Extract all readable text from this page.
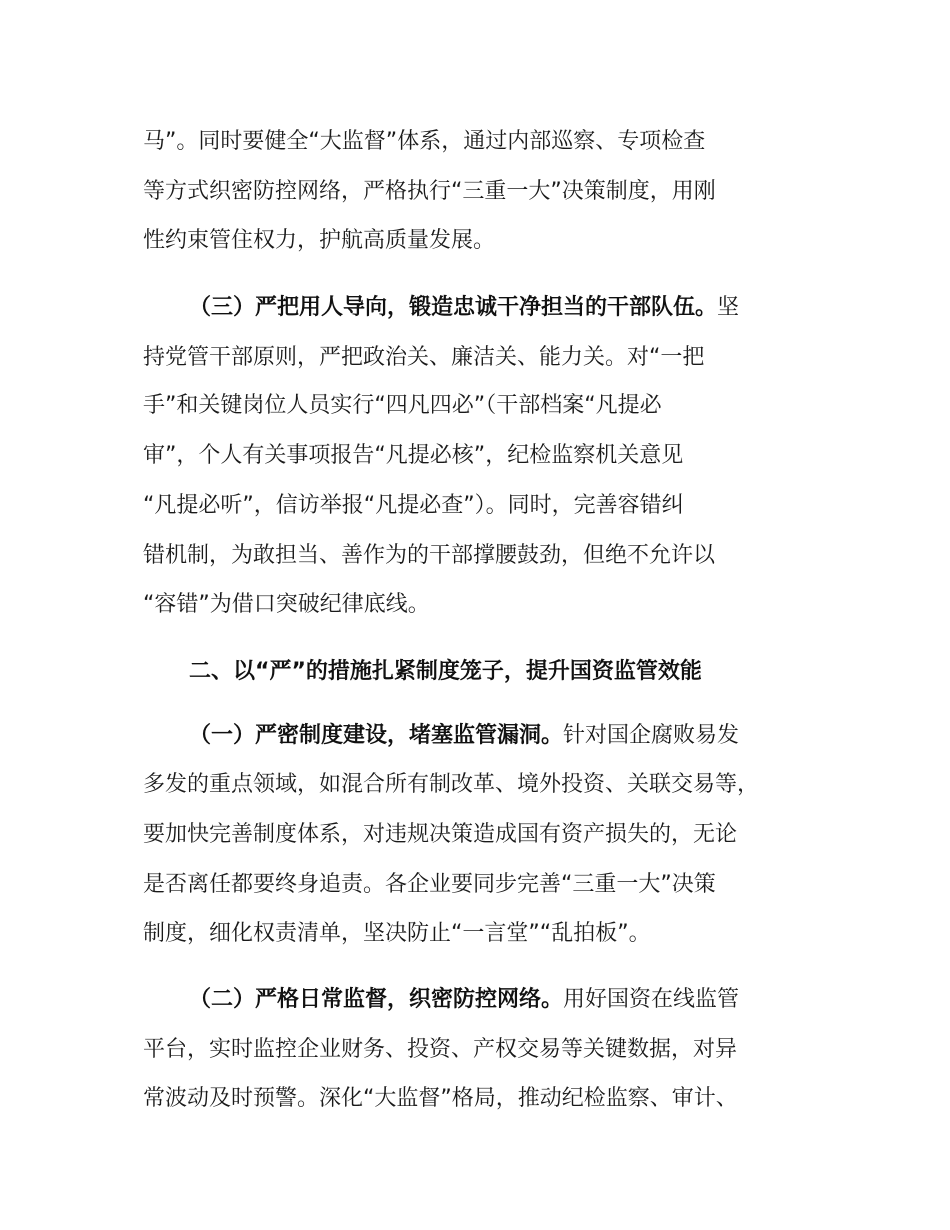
马”。同时要健全“大监督”体系，通过内部巡察、专项检查
等方式织密防控网络，严格执行“三重一大”决策制度，用刚
性约束管住权力，护航高质量发展。
（三）严把用人导向，锻造忠诚干净担当的干部队伍。坚
持党管干部原则，严把政治关、廉洁关、能力关。对“一把
手”和关键岗位人员实行“四凡四必”（干部档案“凡提必
审”，个人有关事项报告“凡提必核”，纪检监察机关意见
“凡提必听”，信访举报“凡提必查”）。同时，完善容错纠
错机制，为敢担当、善作为的干部撑腰鼓劲，但绝不允许以
“容错”为借口突破纪律底线。
二、以“严”的措施扎紧制度笼子，提升国资监管效能
（一）严密制度建设，堵塞监管漏洞。针对国企腐败易发
多发的重点领域，如混合所有制改革、境外投资、关联交易等，
要加快完善制度体系，对违规决策造成国有资产损失的，无论
是否离任都要终身追责。各企业要同步完善“三重一大”决策
制度，细化权责清单，坚决防止“一言堂”“乱拍板”。
（二）严格日常监督，织密防控网络。用好国资在线监管
平台，实时监控企业财务、投资、产权交易等关键数据，对异
常波动及时预警。深化“大监督”格局，推动纪检监察、审计、
